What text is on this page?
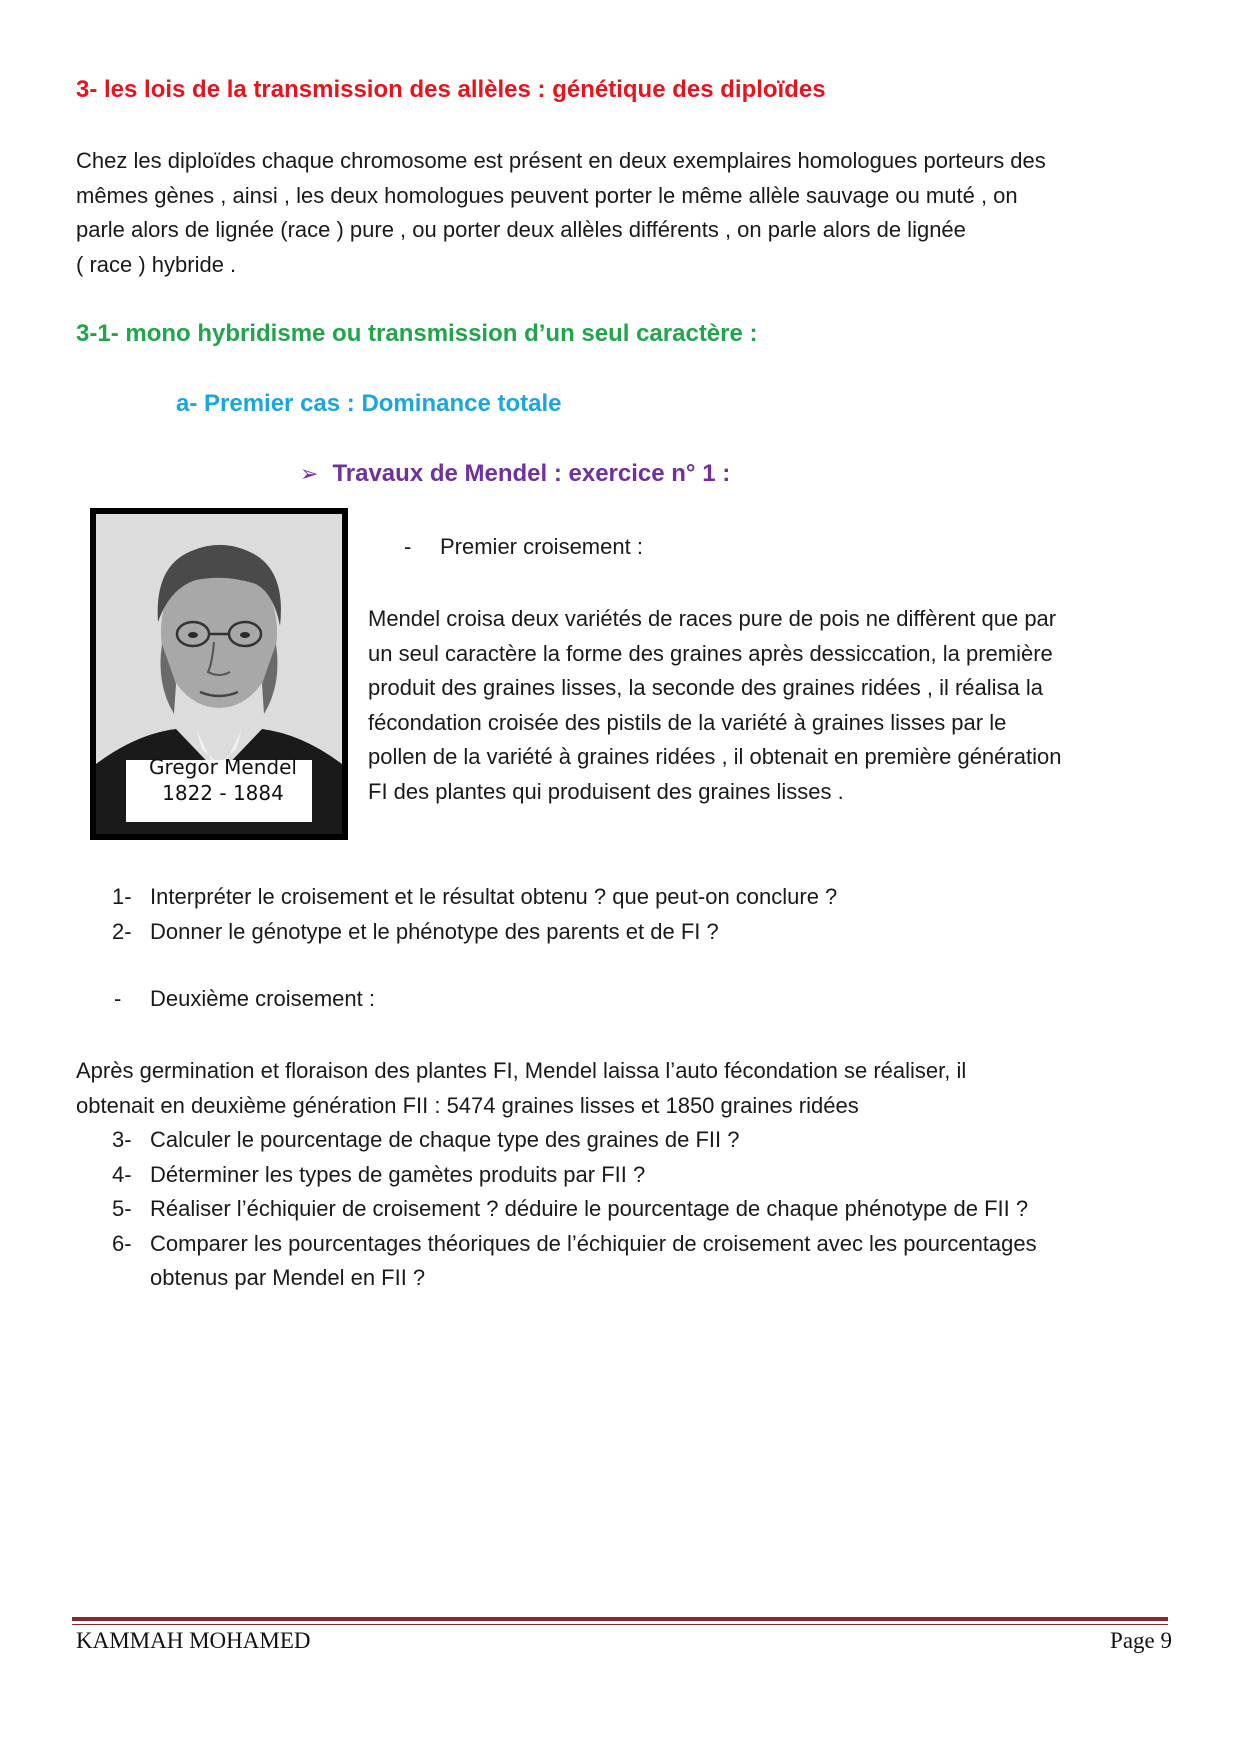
3- les lois de la transmission des allèles : génétique des diploïdes
Chez les diploïdes chaque chromosome est présent en deux exemplaires homologues porteurs des
mêmes gènes , ainsi , les deux homologues peuvent porter le même allèle sauvage ou muté , on
parle alors de lignée (race ) pure , ou porter deux allèles différents , on parle alors de lignée
( race ) hybride .
3-1- mono hybridisme ou transmission d’un seul caractère :
a- Premier cas : Dominance totale
➢ Travaux de Mendel : exercice n° 1 :
Gregor Mendel
1822 - 1884
- Premier croisement :
Mendel croisa deux variétés de races pure de pois ne diffèrent que par
un seul caractère la forme des graines après dessiccation, la première
produit des graines lisses, la seconde des graines ridées , il réalisa la
fécondation croisée des pistils de la variété à graines lisses par le
pollen de la variété à graines ridées , il obtenait en première génération
FI des plantes qui produisent des graines lisses .
1- Interpréter le croisement et le résultat obtenu ? que peut-on conclure ?
2- Donner le génotype et le phénotype des parents et de FI ?
- Deuxième croisement :
Après germination et floraison des plantes FI, Mendel laissa l’auto fécondation se réaliser, il
obtenait en deuxième génération FII : 5474 graines lisses et 1850 graines ridées
3- Calculer le pourcentage de chaque type des graines de FII ?
4- Déterminer les types de gamètes produits par FII ?
5- Réaliser l’échiquier de croisement ? déduire le pourcentage de chaque phénotype de FII ?
6- Comparer les pourcentages théoriques de l’échiquier de croisement avec les pourcentages
obtenus par Mendel en FII ?
KAMMAH MOHAMED	Page 9
